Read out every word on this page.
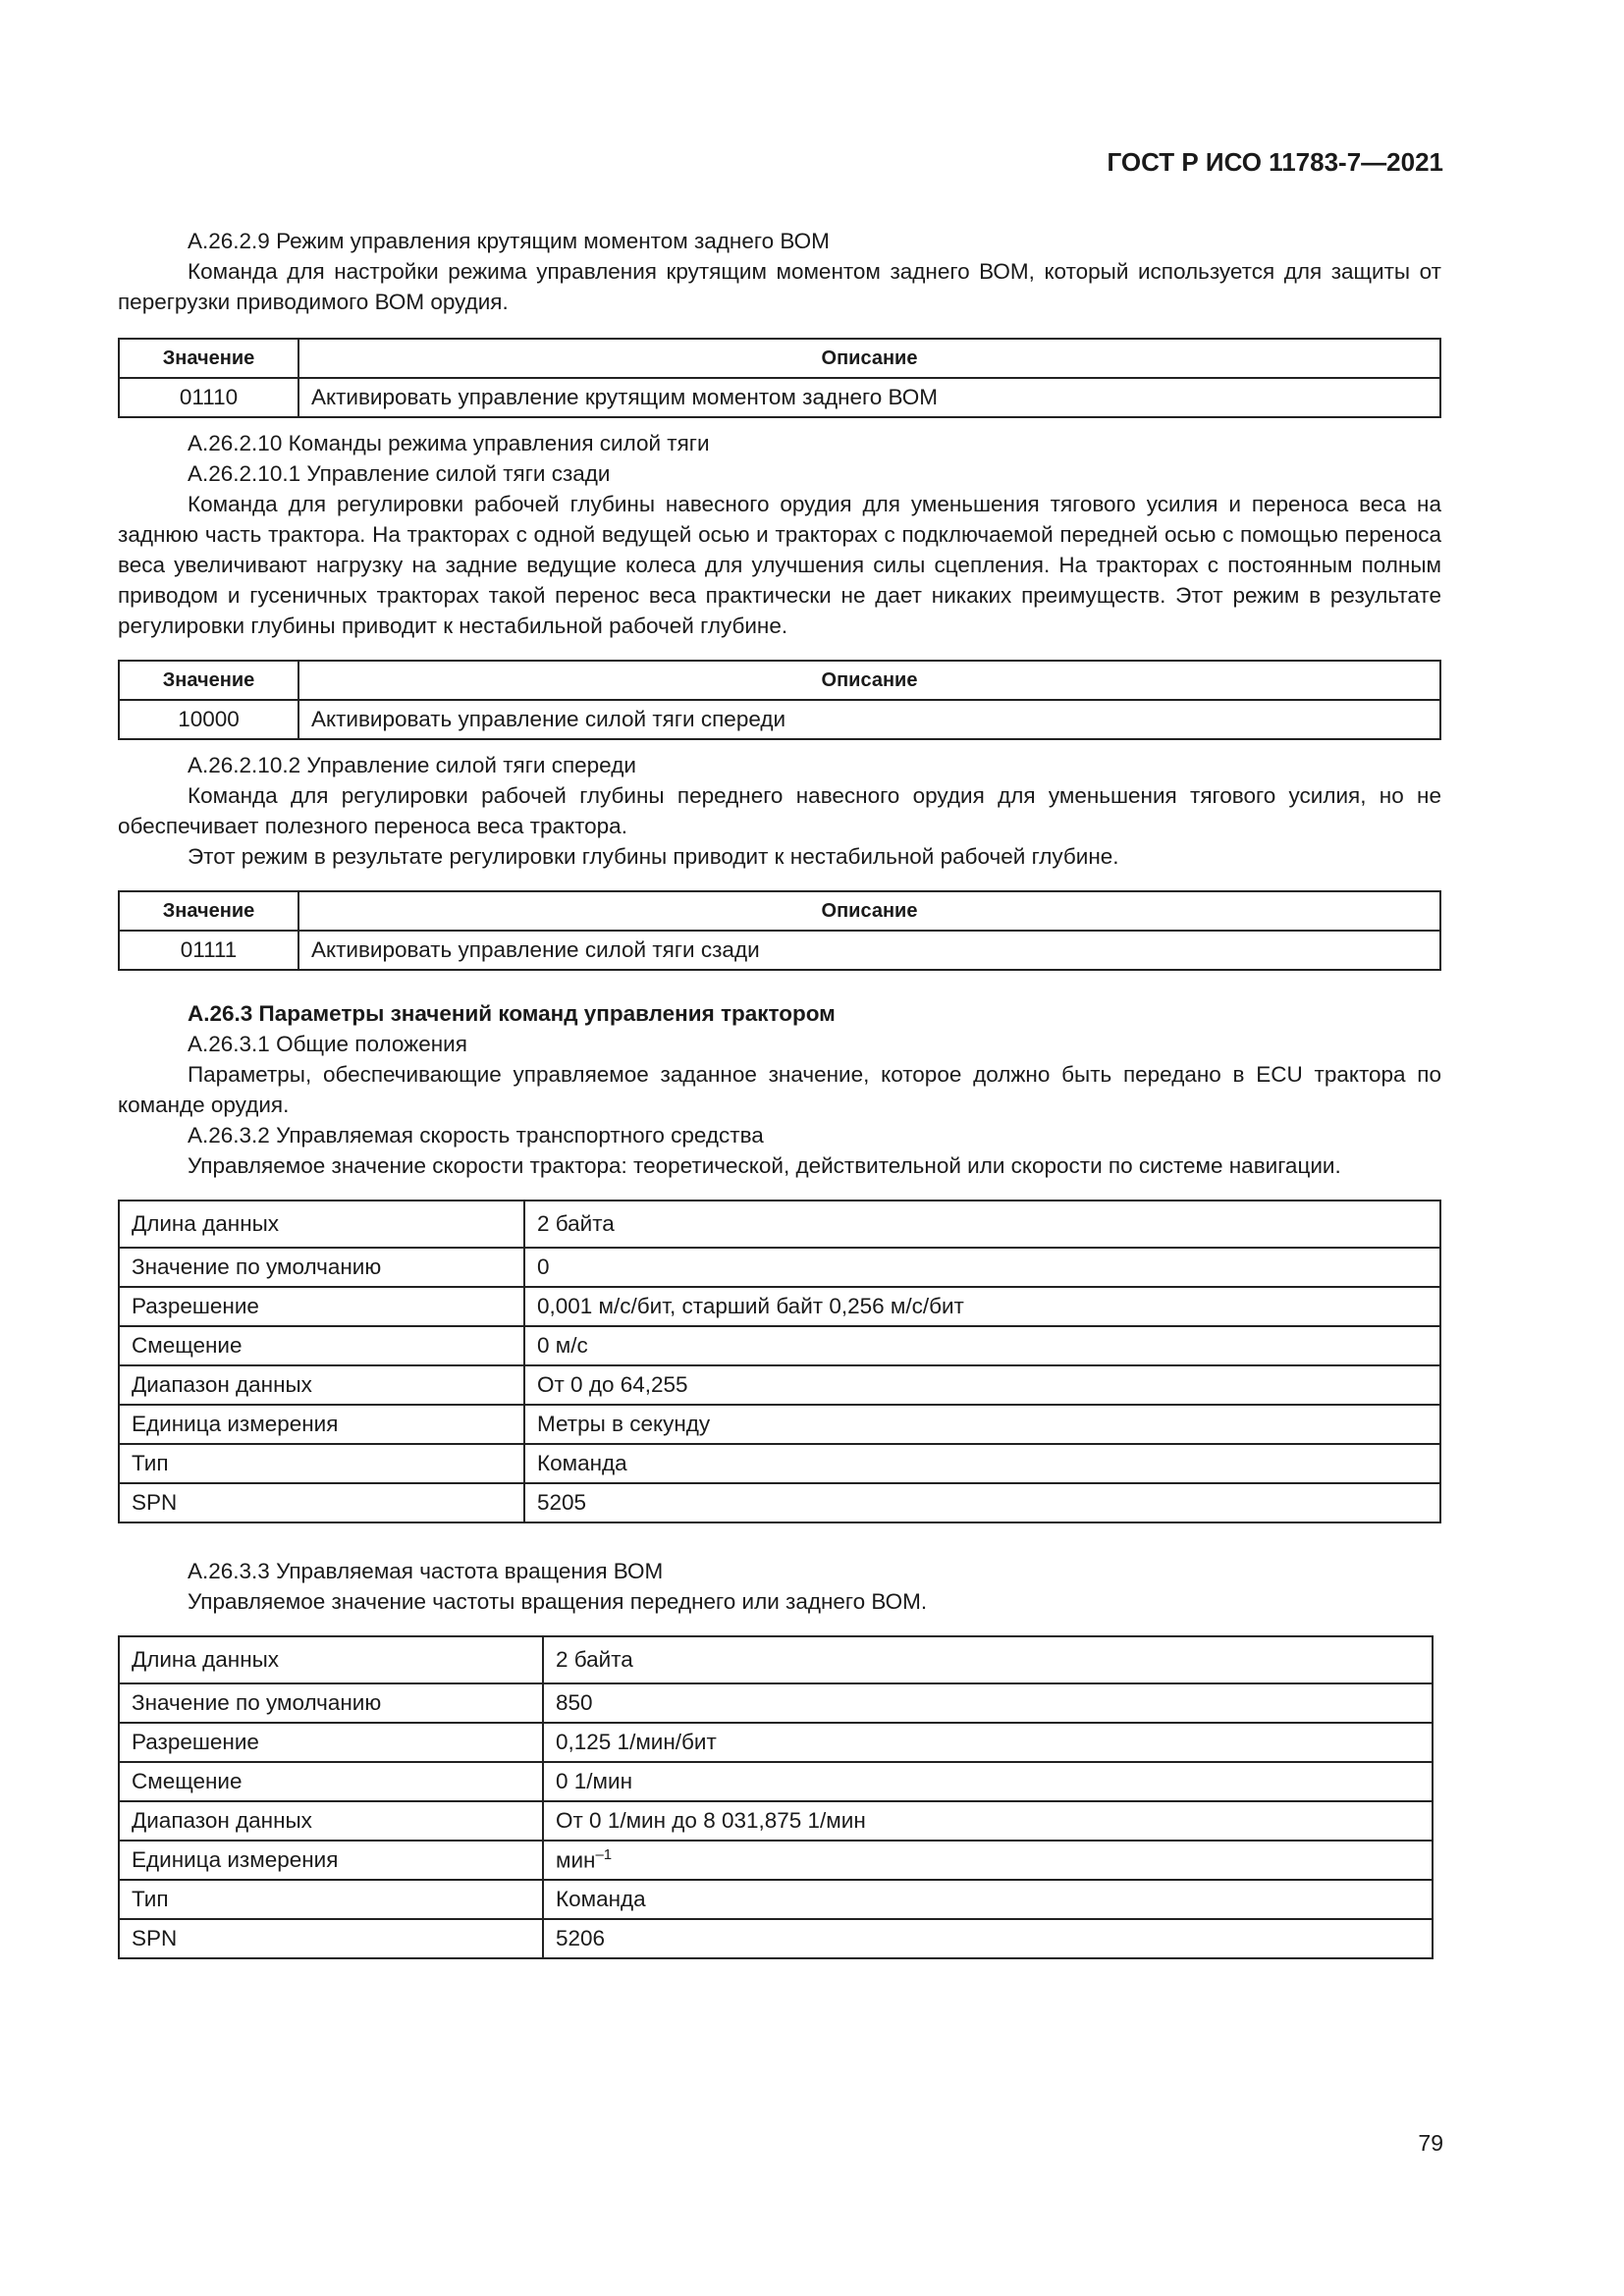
ГОСТ Р ИСО 11783-7—2021

А.26.2.9 Режим управления крутящим моментом заднего ВОМ

Команда для настройки режима управления крутящим моментом заднего ВОМ, который используется для защиты от перегрузки приводимого ВОМ орудия.

Значение	Описание
01110	Активировать управление крутящим моментом заднего ВОМ

А.26.2.10 Команды режима управления силой тяги

А.26.2.10.1 Управление силой тяги сзади

Команда для регулировки рабочей глубины навесного орудия для уменьшения тягового усилия и переноса веса на заднюю часть трактора. На тракторах с одной ведущей осью и тракторах с подключаемой передней осью с помощью переноса веса увеличивают нагрузку на задние ведущие колеса для улучшения силы сцепления. На тракторах с постоянным полным приводом и гусеничных тракторах такой перенос веса практически не дает никаких преимуществ. Этот режим в результате регулировки глубины приводит к нестабильной рабочей глубине.

Значение	Описание
10000	Активировать управление силой тяги спереди

А.26.2.10.2 Управление силой тяги спереди

Команда для регулировки рабочей глубины переднего навесного орудия для уменьшения тягового усилия, но не обеспечивает полезного переноса веса трактора.

Этот режим в результате регулировки глубины приводит к нестабильной рабочей глубине.

Значение	Описание
01111	Активировать управление силой тяги сзади

А.26.3 Параметры значений команд управления трактором

А.26.3.1 Общие положения

Параметры, обеспечивающие управляемое заданное значение, которое должно быть передано в ECU трактора по команде орудия.

А.26.3.2 Управляемая скорость транспортного средства

Управляемое значение скорости трактора: теоретической, действительной или скорости по системе навигации.

Длина данных	2 байта
Значение по умолчанию	0
Разрешение	0,001 м/с/бит, старший байт 0,256 м/с/бит
Смещение	0 м/с
Диапазон данных	От 0 до 64,255
Единица измерения	Метры в секунду
Тип	Команда
SPN	5205

А.26.3.3 Управляемая частота вращения ВОМ

Управляемое значение частоты вращения переднего или заднего ВОМ.

Длина данных	2 байта
Значение по умолчанию	850
Разрешение	0,125 1/мин/бит
Смещение	0 1/мин
Диапазон данных	От 0 1/мин до 8 031,875 1/мин
Единица измерения	мин$^{-1}$
Тип	Команда
SPN	5206
79
